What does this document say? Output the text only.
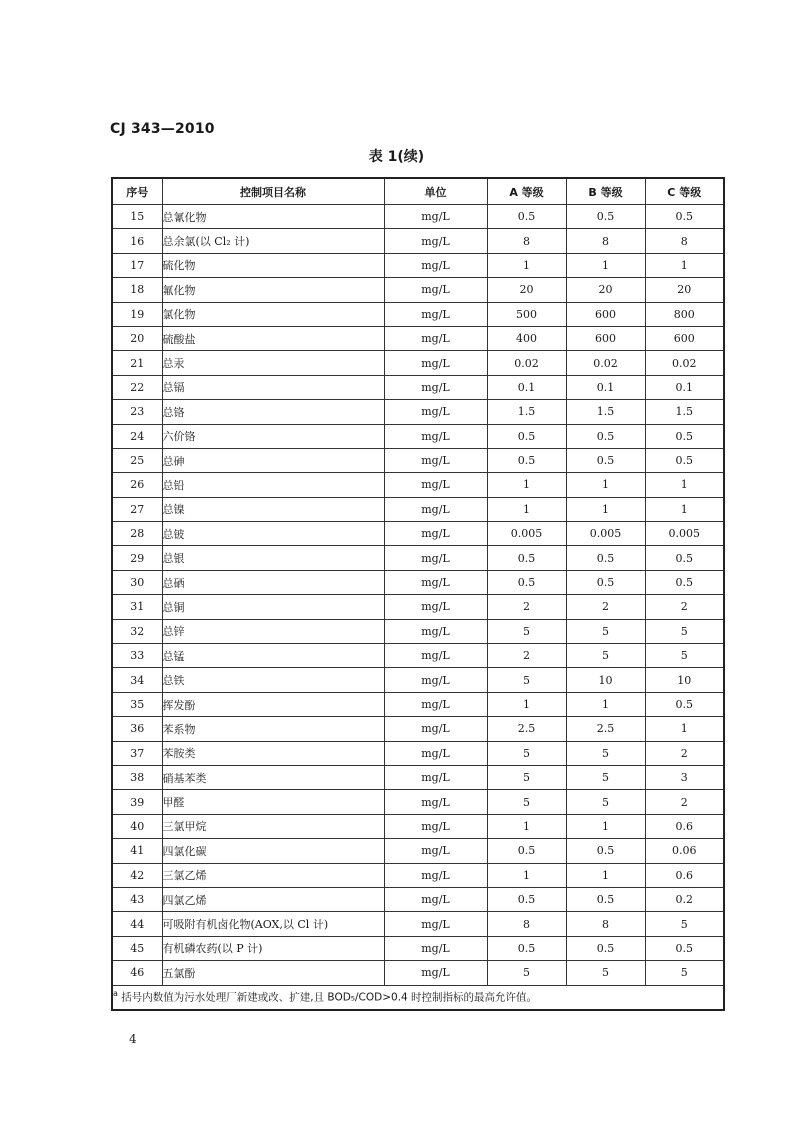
CJ 343—2010
表 1(续)
序号	控制项目名称	单位	A 等级	B 等级	C 等级
15	总氰化物	mg/L	0.5	0.5	0.5
16	总余氯(以 Cl₂ 计)	mg/L	8	8	8
17	硫化物	mg/L	1	1	1
18	氟化物	mg/L	20	20	20
19	氯化物	mg/L	500	600	800
20	硫酸盐	mg/L	400	600	600
21	总汞	mg/L	0.02	0.02	0.02
22	总镉	mg/L	0.1	0.1	0.1
23	总铬	mg/L	1.5	1.5	1.5
24	六价铬	mg/L	0.5	0.5	0.5
25	总砷	mg/L	0.5	0.5	0.5
26	总铅	mg/L	1	1	1
27	总镍	mg/L	1	1	1
28	总铍	mg/L	0.005	0.005	0.005
29	总银	mg/L	0.5	0.5	0.5
30	总硒	mg/L	0.5	0.5	0.5
31	总铜	mg/L	2	2	2
32	总锌	mg/L	5	5	5
33	总锰	mg/L	2	5	5
34	总铁	mg/L	5	10	10
35	挥发酚	mg/L	1	1	0.5
36	苯系物	mg/L	2.5	2.5	1
37	苯胺类	mg/L	5	5	2
38	硝基苯类	mg/L	5	5	3
39	甲醛	mg/L	5	5	2
40	三氯甲烷	mg/L	1	1	0.6
41	四氯化碳	mg/L	0.5	0.5	0.06
42	三氯乙烯	mg/L	1	1	0.6
43	四氯乙烯	mg/L	0.5	0.5	0.2
44	可吸附有机卤化物(AOX,以 Cl 计)	mg/L	8	8	5
45	有机磷农药(以 P 计)	mg/L	0.5	0.5	0.5
46	五氯酚	mg/L	5	5	5
$^a$ 括号内数值为污水处理厂新建或改、扩建,且 BOD₅/COD>0.4 时控制指标的最高允许值。					
4
